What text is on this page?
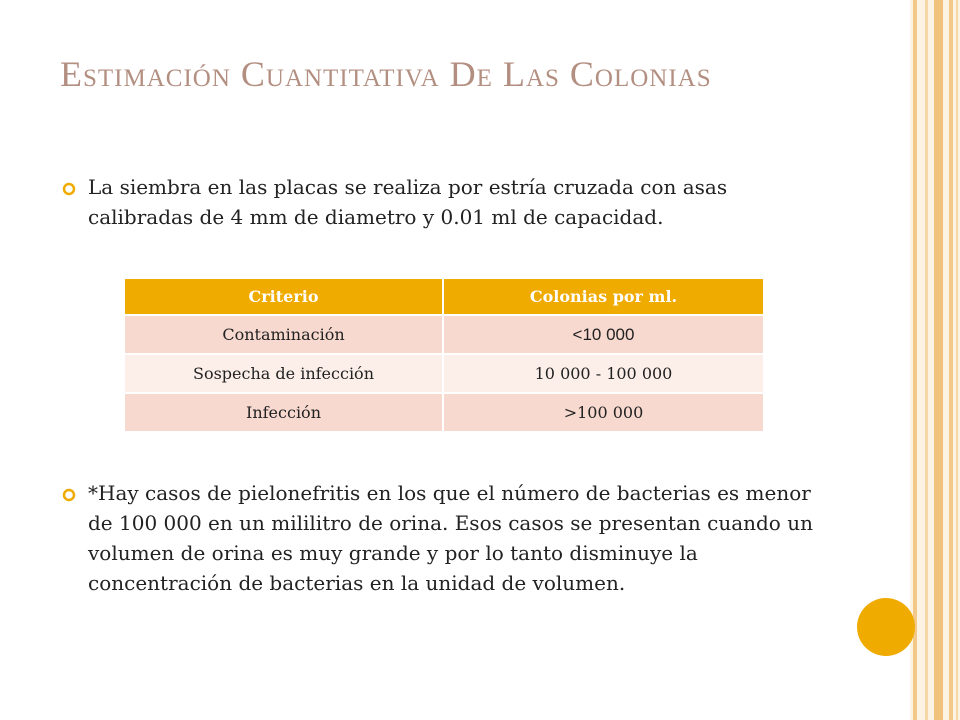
Estimación Cuantitativa De Las Colonias
La siembra en las placas se realiza por estría cruzada con asas calibradas de 4 mm de diametro y 0.01 ml de capacidad.
Criterio	Colonias por ml.
Contaminación	<10 000
Sospecha de infección	10 000 - 100 000
Infección	>100 000
*Hay casos de pielonefritis en los que el número de bacterias es menor de 100 000 en un mililitro de orina. Esos casos se presentan cuando un volumen de orina es muy grande y por lo tanto disminuye la concentración de bacterias en la unidad de volumen.
